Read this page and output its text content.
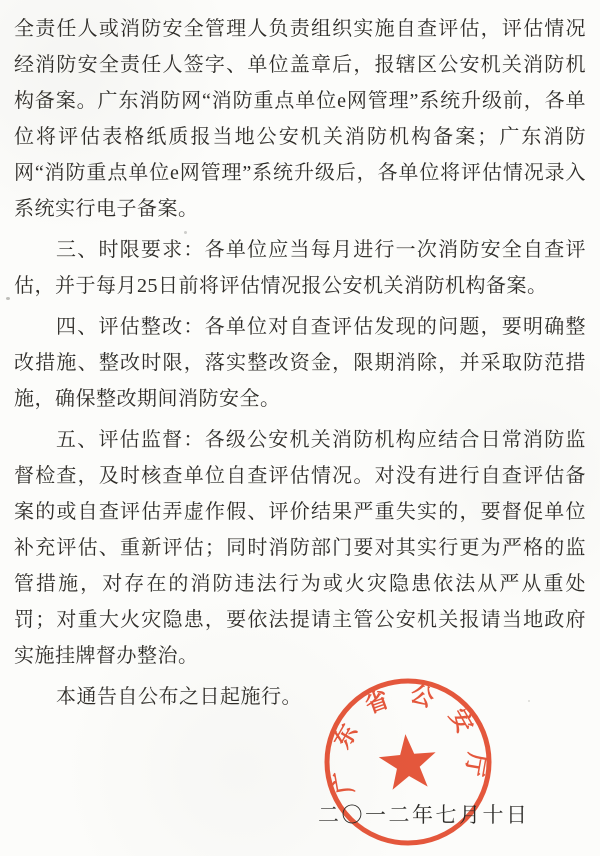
全责任人或消防安全管理人负责组织实施自查评估，评估情况经消防安全责任人签字、单位盖章后，报辖区公安机关消防机构备案。广东消防网“消防重点单位e网管理”系统升级前，各单位将评估表格纸质报当地公安机关消防机构备案；广东消防网“消防重点单位e网管理”系统升级后，各单位将评估情况录入系统实行电子备案。

三、时限要求：各单位应当每月进行一次消防安全自查评估，并于每月25日前将评估情况报公安机关消防机构备案。

四、评估整改：各单位对自查评估发现的问题，要明确整改措施、整改时限，落实整改资金，限期消除，并采取防范措施，确保整改期间消防安全。

五、评估监督：各级公安机关消防机构应结合日常消防监督检查，及时核查单位自查评估情况。对没有进行自查评估备案的或自查评估弄虚作假、评价结果严重失实的，要督促单位补充评估、重新评估；同时消防部门要对其实行更为严格的监管措施，对存在的消防违法行为或火灾隐患依法从严从重处罚；对重大火灾隐患，要依法提请主管公安机关报请当地政府实施挂牌督办整治。

本通告自公布之日起施行。

广东省公安厅
二〇一二年七月十日
